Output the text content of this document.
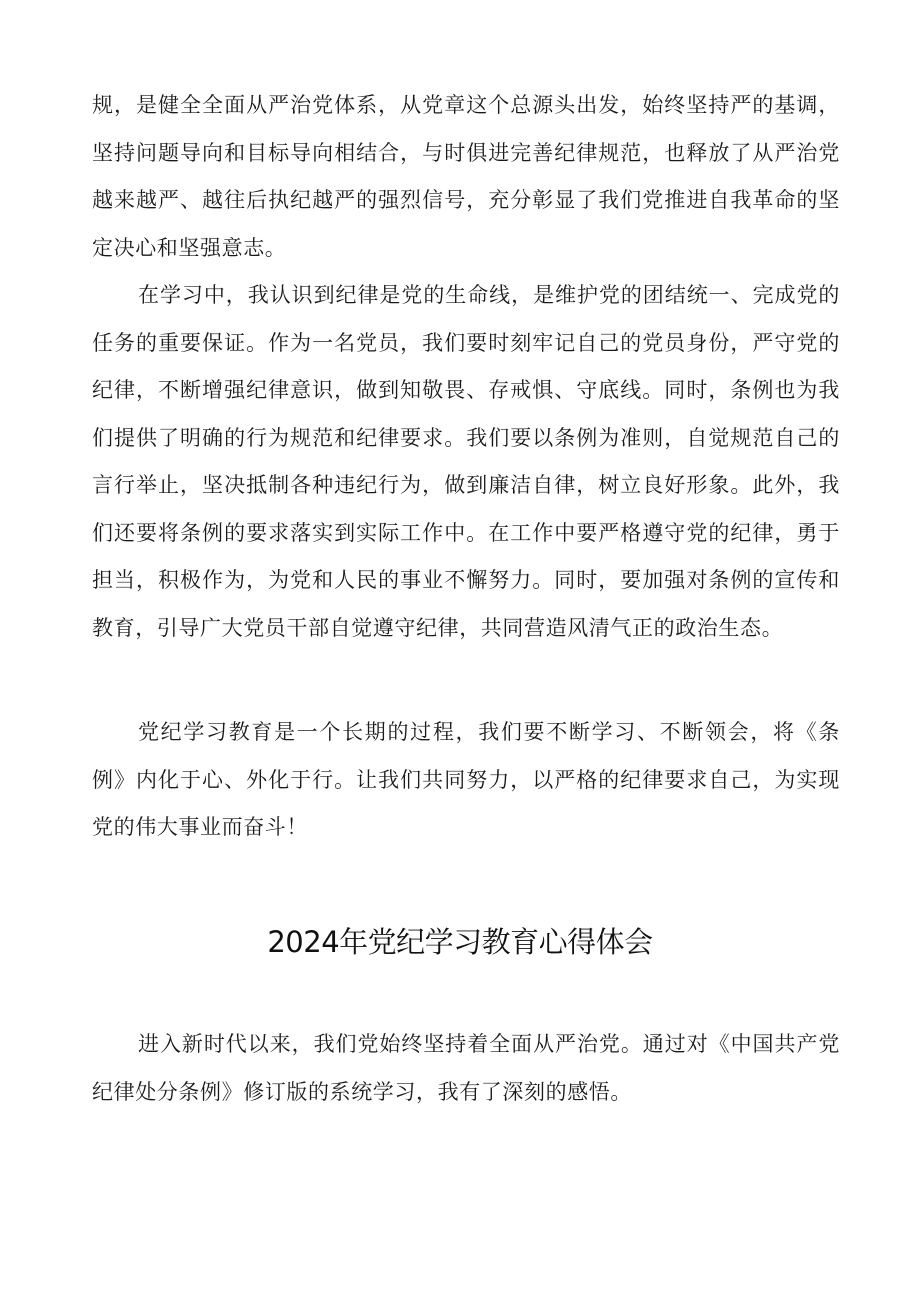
规，是健全全面从严治党体系，从党章这个总源头出发，始终坚持严的基调，坚持问题导向和目标导向相结合，与时俱进完善纪律规范，也释放了从严治党越来越严、越往后执纪越严的强烈信号，充分彰显了我们党推进自我革命的坚定决心和坚强意志。

在学习中，我认识到纪律是党的生命线，是维护党的团结统一、完成党的任务的重要保证。作为一名党员，我们要时刻牢记自己的党员身份，严守党的纪律，不断增强纪律意识，做到知敬畏、存戒惧、守底线。同时，条例也为我们提供了明确的行为规范和纪律要求。我们要以条例为准则，自觉规范自己的言行举止，坚决抵制各种违纪行为，做到廉洁自律，树立良好形象。此外，我们还要将条例的要求落实到实际工作中。在工作中要严格遵守党的纪律，勇于担当，积极作为，为党和人民的事业不懈努力。同时，要加强对条例的宣传和教育，引导广大党员干部自觉遵守纪律，共同营造风清气正的政治生态。

党纪学习教育是一个长期的过程，我们要不断学习、不断领会，将《条例》内化于心、外化于行。让我们共同努力，以严格的纪律要求自己，为实现党的伟大事业而奋斗！

2024年党纪学习教育心得体会

进入新时代以来，我们党始终坚持着全面从严治党。通过对《中国共产党纪律处分条例》修订版的系统学习，我有了深刻的感悟。
